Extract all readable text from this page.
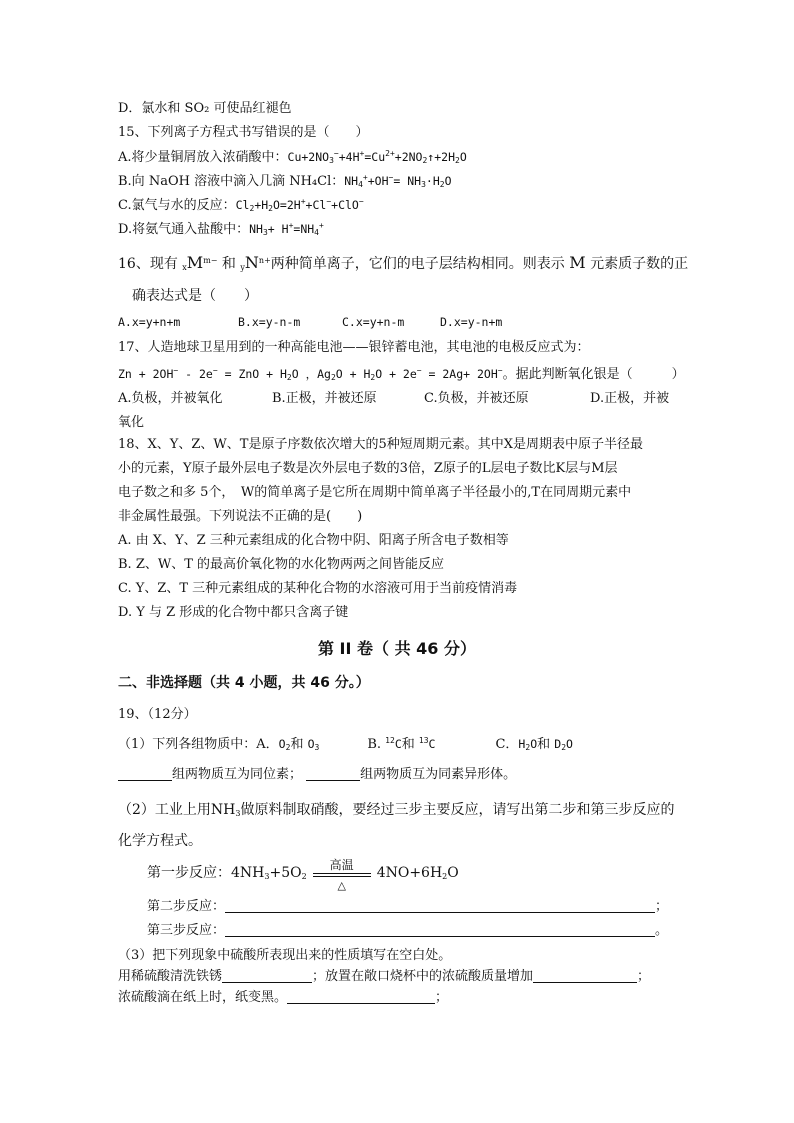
D．氯水和 SO₂ 可使品红褪色
15、下列离子方程式书写错误的是（　　）
A.将少量铜屑放入浓硝酸中：$Cu+2NO_3^-+4H^+=Cu^{2+}+2NO_2↑+2H_2O$
B.向 NaOH 溶液中滴入几滴 NH₄Cl：$NH_4^++OH^-= NH_3\cdot H_2O$
C.氯气与水的反应：$Cl_2+H_2O=2H^++Cl^-+ClO^-$
D.将氨气通入盐酸中：$NH_3+ H^+=NH_4^+$
16、现有 $_xM^{m-}$ 和 $_yN^{n+}$两种简单离子，它们的电子层结构相同。则表示 M 元素质子数的正
确表达式是（　　）
A.x=y+n+m	B.x=y-n-m	C.x=y+n-m	D.x=y-n+m
17、人造地球卫星用到的一种高能电池——银锌蓄电池，其电池的电极反应式为：
Zn + 2OH− - 2e− = ZnO + $H_2O$ ，$Ag_2O + H_2O + 2e^- = 2Ag+ 2OH^-$。据此判断氧化银是（　　　）
A.负极，并被氧化	B.正极，并被还原	C.负极，并被还原	D.正极，并被
氧化
18、X、Y、Z、W、T是原子序数依次增大的5种短周期元素。其中X是周期表中原子半径最
小的元素，Y原子最外层电子数是次外层电子数的3倍，Z原子的L层电子数比K层与M层
电子数之和多 5个，　W的简单离子是它所在周期中简单离子半径最小的,T在同周期元素中
非金属性最强。下列说法不正确的是(　　)
A. 由 X、Y、Z 三种元素组成的化合物中阴、阳离子所含电子数相等
B. Z、W、T 的最高价氧化物的水化物两两之间皆能反应
C. Y、Z、T 三种元素组成的某种化合物的水溶液可用于当前疫情消毒
D. Y 与 Z 形成的化合物中都只含离子键
第 II 卷（ 共 46 分）
二、非选择题（共 4 小题，共 46 分。）
19、（12分）
（1）下列各组物质中：A．$O_2$和 $O_3$	B. $^{12}$C和 $^{13}$C	C．$H_2O$和 $D_2O$
组两物质互为同位素；	组两物质互为同素异形体。
（2）工业上用$NH_3$做原料制取硝酸，要经过三步主要反应，请写出第二步和第三步反应的
化学方程式。
第一步反应：$4NH_3+5O_2$
高温
△
$4NO+6H_2O$
第二步反应：	；
第三步反应：	。
（3）把下列现象中硫酸所表现出来的性质填写在空白处。
用稀硫酸清洗铁锈	；放置在敞口烧杯中的浓硫酸质量增加	；
浓硫酸滴在纸上时，纸变黑。	；
